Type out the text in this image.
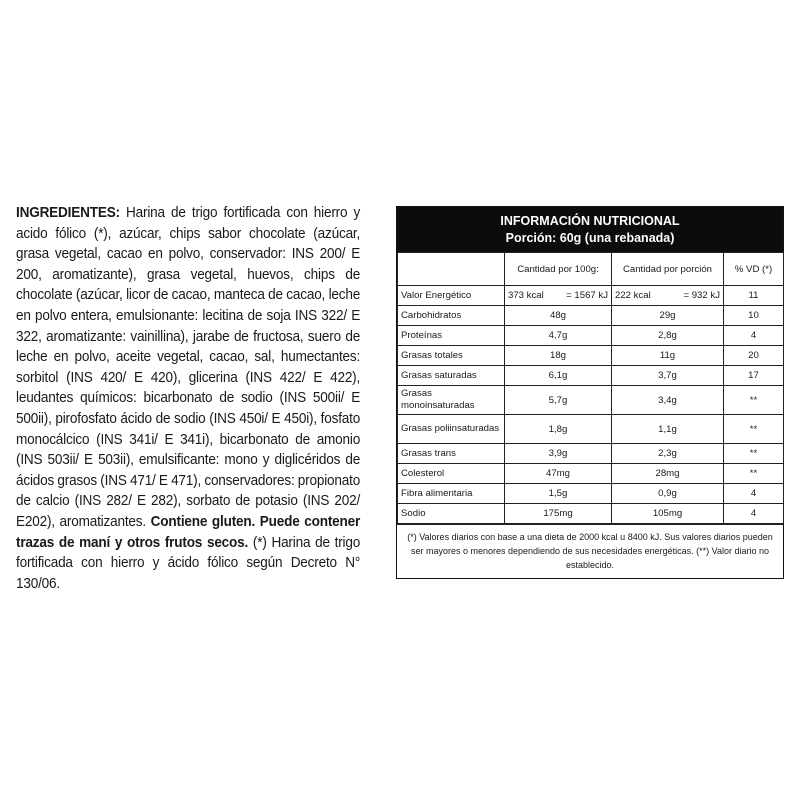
INGREDIENTES: Harina de trigo fortificada con hierro y acido fólico (*), azúcar, chips sabor chocolate (azúcar, grasa vegetal, cacao en polvo, conservador: INS 200/ E 200, aromatizante), grasa vegetal, huevos, chips de chocolate (azúcar, licor de cacao, manteca de cacao, leche en polvo entera, emulsionante: lecitina de soja INS 322/ E 322, aromatizante: vainillina), jarabe de fructosa, suero de leche en polvo, aceite vegetal, cacao, sal, humectantes: sorbitol (INS 420/ E 420), glicerina (INS 422/ E 422), leudantes químicos: bicarbonato de sodio (INS 500ii/ E 500ii), pirofosfato ácido de sodio (INS 450i/ E 450i), fosfato monocálcico (INS 341i/ E 341i), bicarbonato de amonio (INS 503ii/ E 503ii), emulsificante: mono y diglicéridos de ácidos grasos (INS 471/ E 471), conservadores: propionato de calcio (INS 282/ E 282), sorbato de potasio (INS 202/ E202), aromatizantes. Contiene gluten. Puede contener trazas de maní y otros frutos secos. (*) Harina de trigo fortificada con hierro y ácido fólico según Decreto N° 130/06.
INFORMACIÓN NUTRICIONAL
Porción: 60g (una rebanada)
	Cantidad por 100g:	Cantidad por porción	% VD (*)
Valor Energético	373 kcal = 1567 kJ	222 kcal = 932 kJ	11
Carbohidratos	48g	29g	10
Proteínas	4,7g	2,8g	4
Grasas totales	18g	11g	20
Grasas saturadas	6,1g	3,7g	17
Grasas monoinsaturadas	5,7g	3,4g	**
Grasas poliinsaturadas	1,8g	1,1g	**
Grasas trans	3,9g	2,3g	**
Colesterol	47mg	28mg	**
Fibra alimentaria	1,5g	0,9g	4
Sodio	175mg	105mg	4
(*) Valores diarios con base a una dieta de 2000 kcal u 8400 kJ. Sus valores diarios pueden ser mayores o menores dependiendo de sus necesidades energéticas. (**) Valor diario no establecido.
